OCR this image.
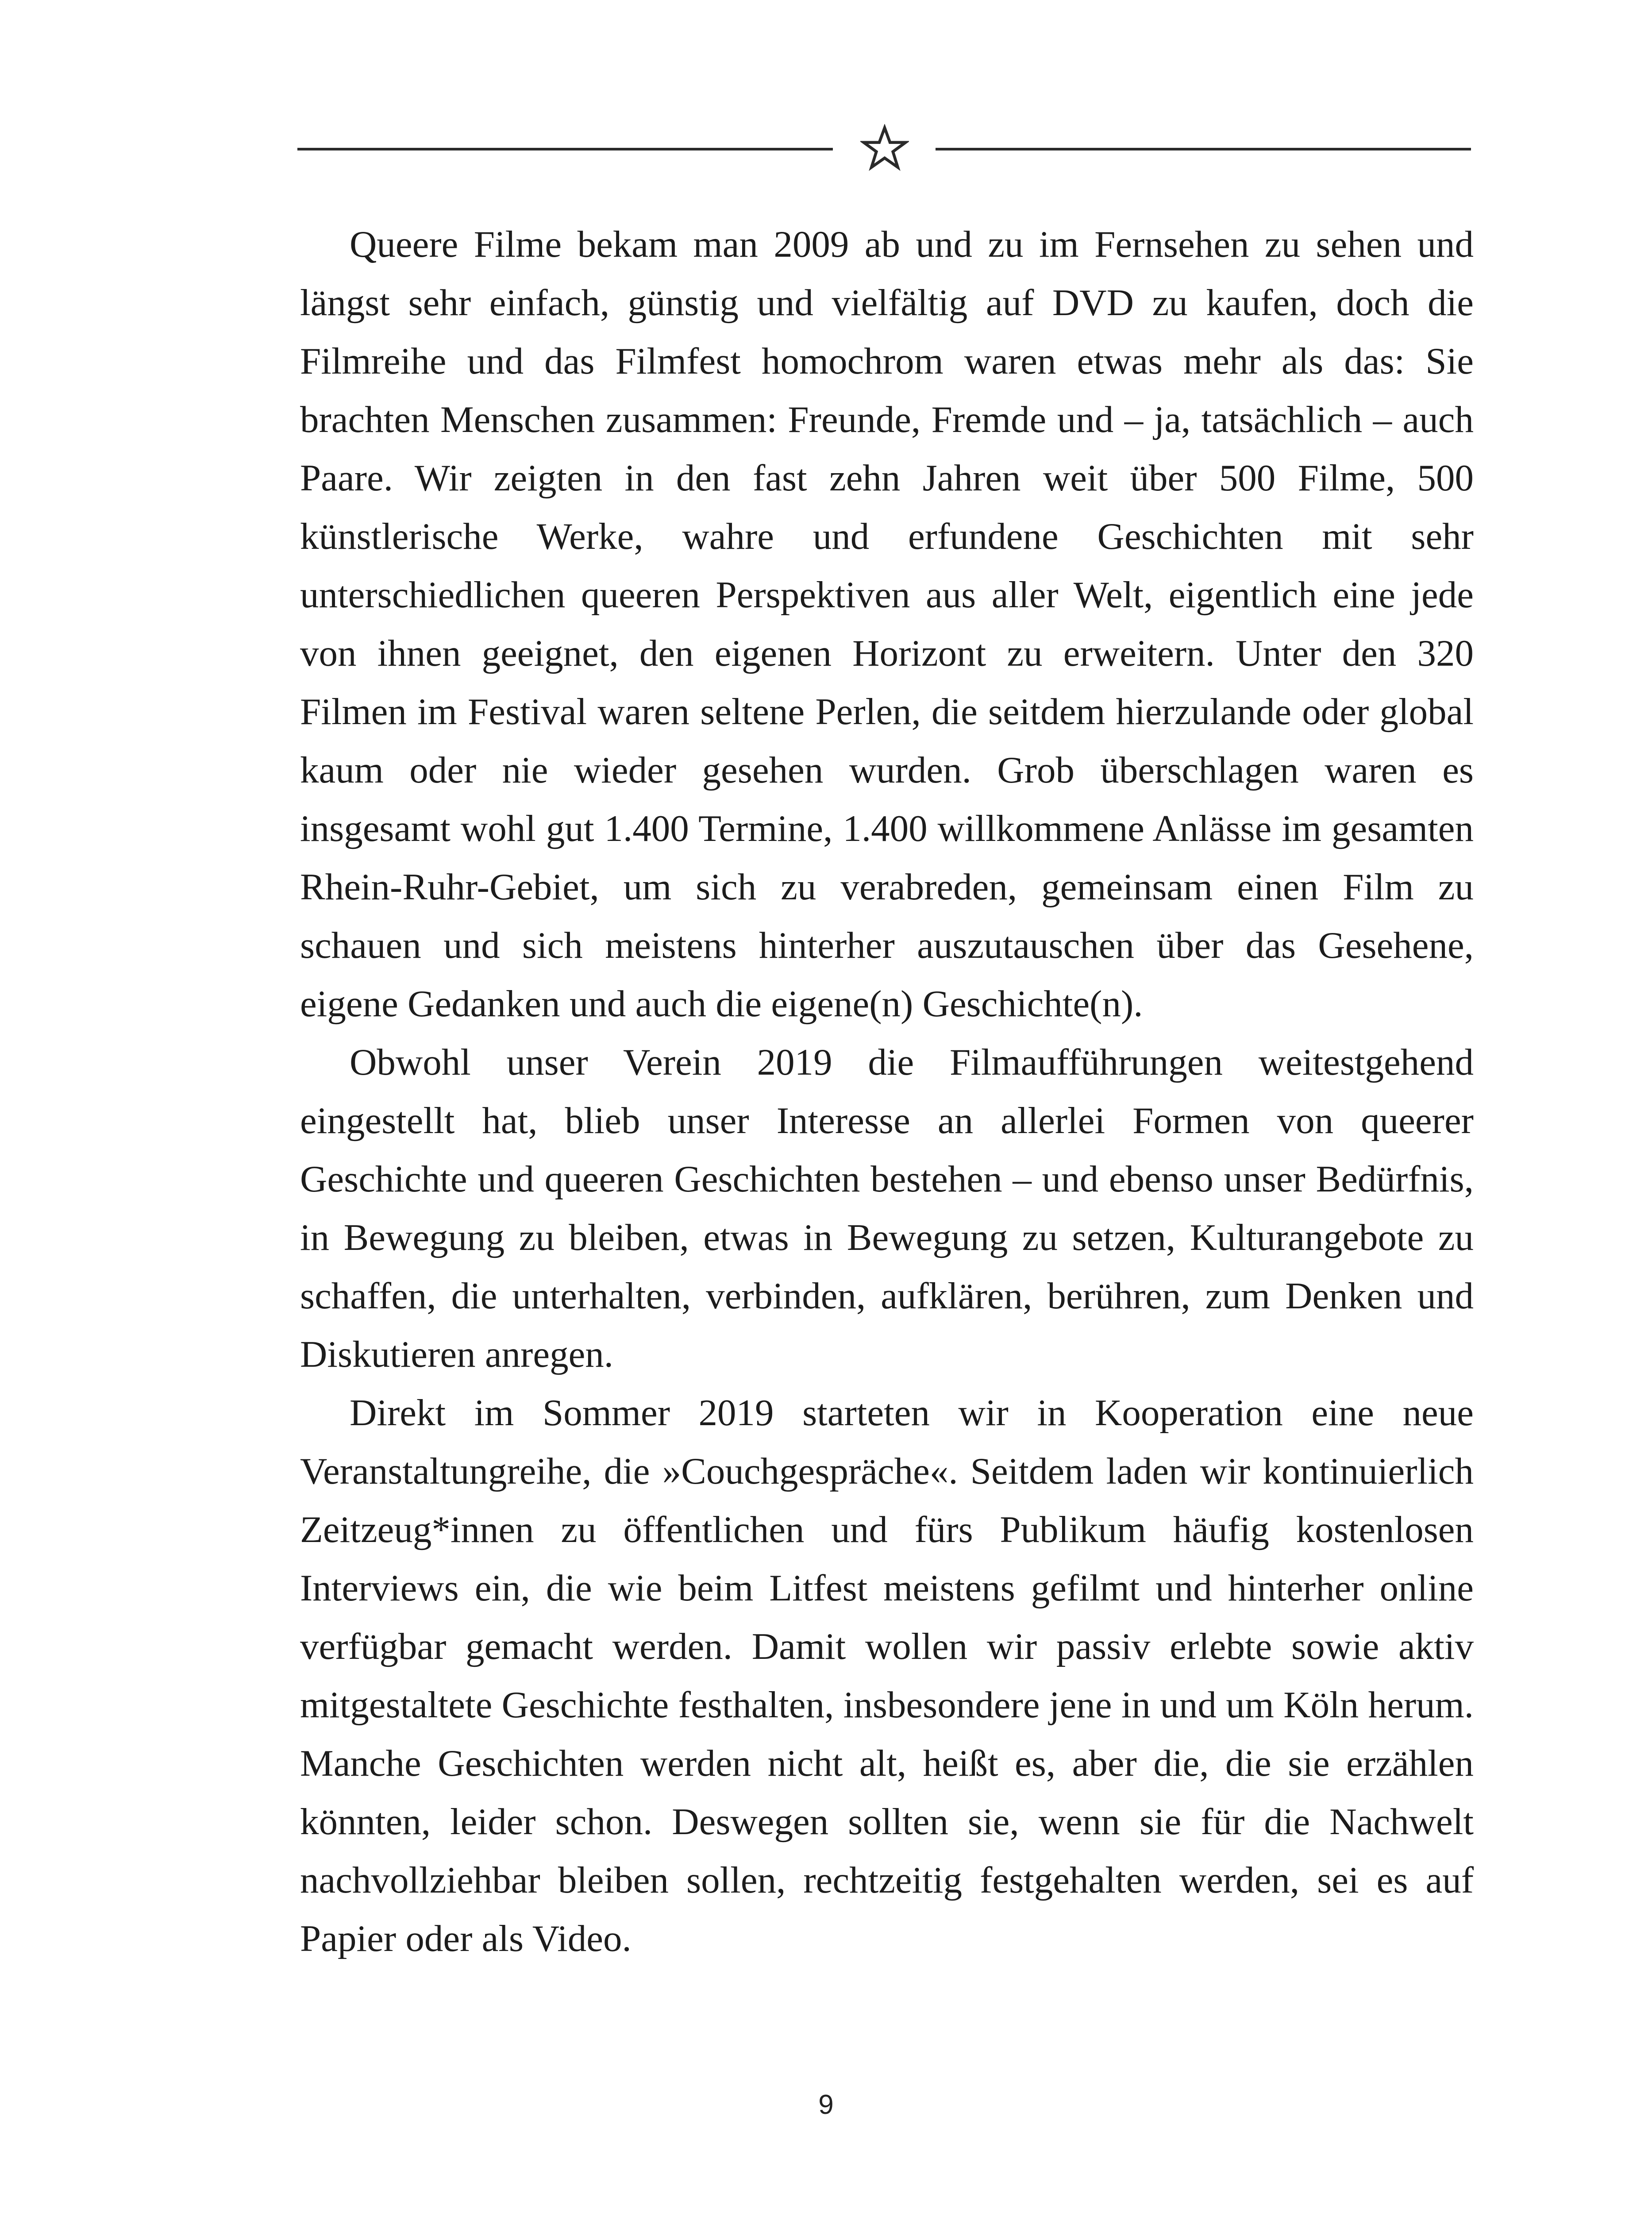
Queere Filme bekam man 2009 ab und zu im Fernsehen zu sehen und längst sehr einfach, günstig und vielfältig auf DVD zu kaufen, doch die Filmreihe und das Filmfest homochrom waren etwas mehr als das: Sie brachten Menschen zusammen: Freunde, Fremde und – ja, tatsächlich – auch Paare. Wir zeigten in den fast zehn Jahren weit über 500 Filme, 500 künstlerische Werke, wahre und erfundene Geschichten mit sehr unterschiedlichen queeren Perspektiven aus aller Welt, eigentlich eine jede von ihnen geeignet, den eigenen Horizont zu erweitern. Unter den 320 Filmen im Festival waren seltene Perlen, die seitdem hierzulande oder global kaum oder nie wieder gesehen wurden. Grob überschlagen waren es insgesamt wohl gut 1.400 Termine, 1.400 willkommene Anlässe im gesamten Rhein-Ruhr-Gebiet, um sich zu verabreden, gemeinsam einen Film zu schauen und sich meistens hinterher auszutauschen über das Gesehene, eigene Gedanken und auch die eigene(n) Geschichte(n).

Obwohl unser Verein 2019 die Filmaufführungen weitestgehend eingestellt hat, blieb unser Interesse an allerlei Formen von queerer Geschichte und queeren Geschichten bestehen – und ebenso unser Bedürfnis, in Bewegung zu bleiben, etwas in Bewegung zu setzen, Kulturangebote zu schaffen, die unterhalten, verbinden, aufklären, berühren, zum Denken und Diskutieren anregen.

Direkt im Sommer 2019 starteten wir in Kooperation eine neue Veranstaltungreihe, die »Couchgespräche«. Seitdem laden wir kontinuierlich Zeitzeug*innen zu öffentlichen und fürs Publikum häufig kostenlosen Interviews ein, die wie beim Litfest meistens gefilmt und hinterher online verfügbar gemacht werden. Damit wollen wir passiv erlebte sowie aktiv mitgestaltete Geschichte festhalten, insbesondere jene in und um Köln herum. Manche Geschichten werden nicht alt, heißt es, aber die, die sie erzählen könnten, leider schon. Deswegen sollten sie, wenn sie für die Nachwelt nachvollziehbar bleiben sollen, rechtzeitig festgehalten werden, sei es auf Papier oder als Video.

9
